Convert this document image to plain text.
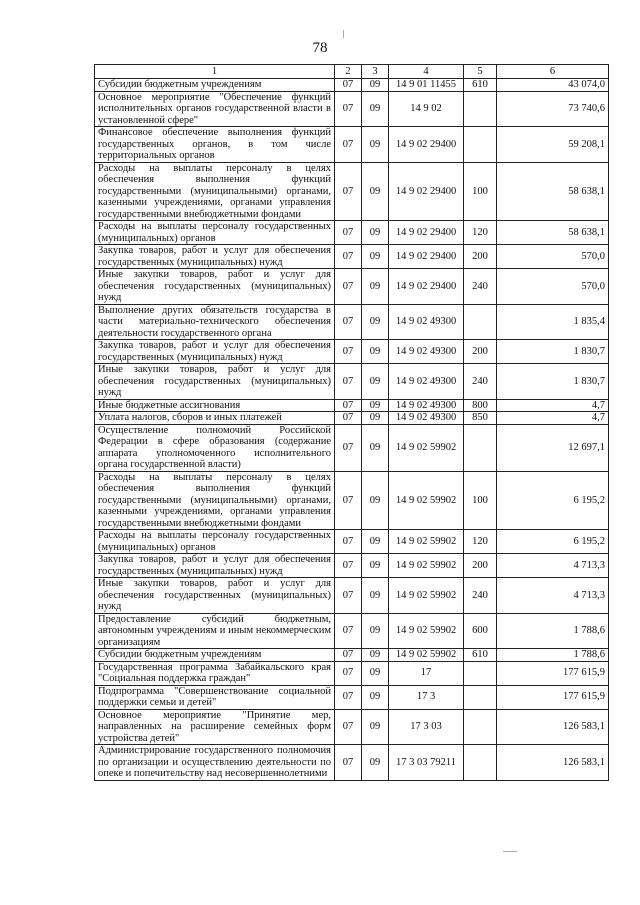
78
1	2	3	4	5	6
Субсидии бюджетным учреждениям	07	09	14 9 01 11455	610	43 074,0
Основное мероприятие "Обеспечение функций исполнительных органов государственной власти в установленной сфере"	07	09	14 9 02		73 740,6
Финансовое обеспечение выполнения функций государственных органов, в том числе территориальных органов	07	09	14 9 02 29400		59 208,1
Расходы на выплаты персоналу в целях обеспечения выполнения функций государственными (муниципальными) органами, казенными учреждениями, органами управления государственными внебюджетными фондами	07	09	14 9 02 29400	100	58 638,1
Расходы на выплаты персоналу государственных (муниципальных) органов	07	09	14 9 02 29400	120	58 638,1
Закупка товаров, работ и услуг для обеспечения государственных (муниципальных) нужд	07	09	14 9 02 29400	200	570,0
Иные закупки товаров, работ и услуг для обеспечения государственных (муниципальных) нужд	07	09	14 9 02 29400	240	570,0
Выполнение других обязательств государства в части материально-технического обеспечения деятельности государственного органа	07	09	14 9 02 49300		1 835,4
Закупка товаров, работ и услуг для обеспечения государственных (муниципальных) нужд	07	09	14 9 02 49300	200	1 830,7
Иные закупки товаров, работ и услуг для обеспечения государственных (муниципальных) нужд	07	09	14 9 02 49300	240	1 830,7
Иные бюджетные ассигнования	07	09	14 9 02 49300	800	4,7
Уплата налогов, сборов и иных платежей	07	09	14 9 02 49300	850	4,7
Осуществление полномочий Российской Федерации в сфере образования (содержание аппарата уполномоченного исполнительного органа государственной власти)	07	09	14 9 02 59902		12 697,1
Расходы на выплаты персоналу в целях обеспечения выполнения функций государственными (муниципальными) органами, казенными учреждениями, органами управления государственными внебюджетными фондами	07	09	14 9 02 59902	100	6 195,2
Расходы на выплаты персоналу государственных (муниципальных) органов	07	09	14 9 02 59902	120	6 195,2
Закупка товаров, работ и услуг для обеспечения государственных (муниципальных) нужд	07	09	14 9 02 59902	200	4 713,3
Иные закупки товаров, работ и услуг для обеспечения государственных (муниципальных) нужд	07	09	14 9 02 59902	240	4 713,3
Предоставление субсидий бюджетным, автономным учреждениям и иным некоммерческим организациям	07	09	14 9 02 59902	600	1 788,6
Субсидии бюджетным учреждениям	07	09	14 9 02 59902	610	1 788,6
Государственная программа Забайкальского края "Социальная поддержка граждан"	07	09	17		177 615,9
Подпрограмма "Совершенствование социальной поддержки семьи и детей"	07	09	17 3		177 615,9
Основное мероприятие "Принятие мер, направленных на расширение семейных форм устройства детей"	07	09	17 3 03		126 583,1
Администрирование государственного полномочия по организации и осуществлению деятельности по опеке и попечительству над несовершеннолетними	07	09	17 3 03 79211		126 583,1
